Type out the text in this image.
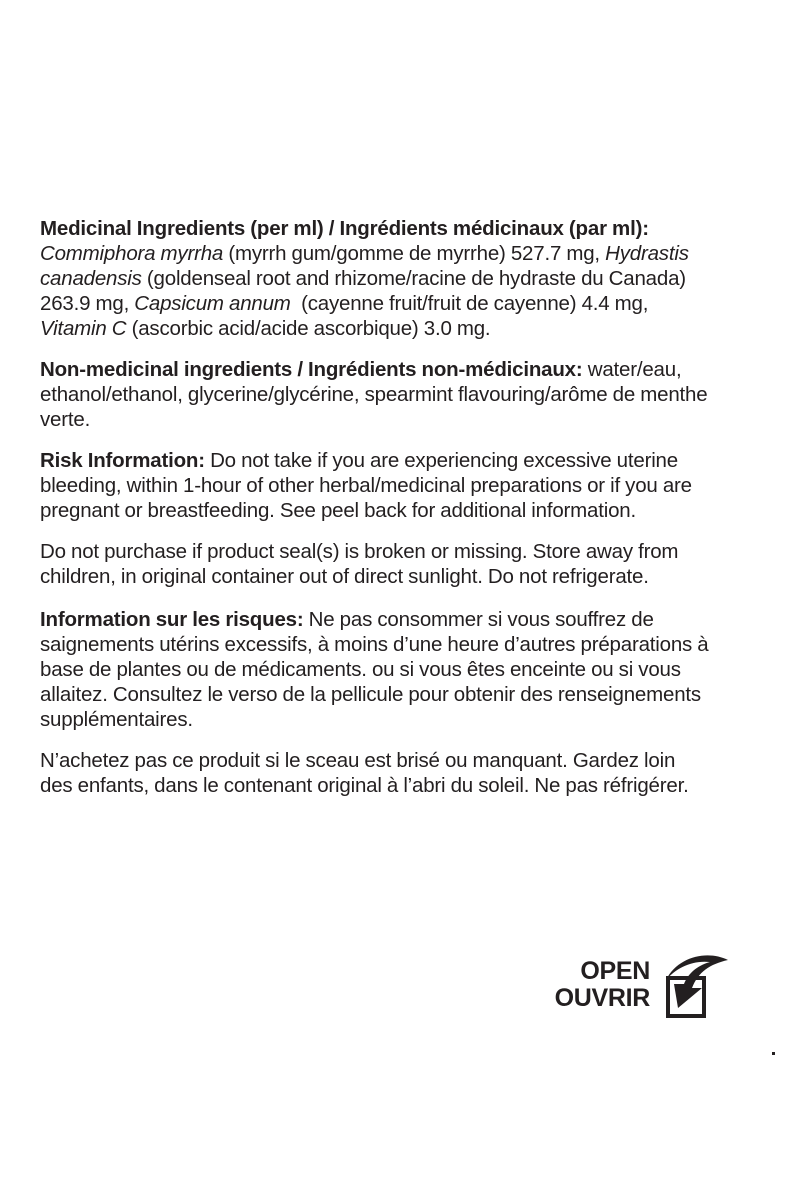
Medicinal Ingredients (per ml) / Ingrédients médicinaux (par ml): Commiphora myrrha (myrrh gum/gomme de myrrhe) 527.7 mg, Hydrastis canadensis (goldenseal root and rhizome/racine de hydraste du Canada) 263.9 mg, Capsicum annum  (cayenne fruit/fruit de cayenne) 4.4 mg, Vitamin C (ascorbic acid/acide ascorbique) 3.0 mg.

Non-medicinal ingredients / Ingrédients non-médicinaux: water/eau, ethanol/ethanol, glycerine/glycérine, spearmint flavouring/arôme de menthe verte.

Risk Information: Do not take if you are experiencing excessive uterine bleeding, within 1-hour of other herbal/medicinal preparations or if you are pregnant or breastfeeding. See peel back for additional information.

Do not purchase if product seal(s) is broken or missing. Store away from children, in original container out of direct sunlight. Do not refrigerate.

Information sur les risques: Ne pas consommer si vous souffrez de saignements utérins excessifs, à moins d’une heure d’autres préparations à base de plantes ou de médicaments. ou si vous êtes enceinte ou si vous allaitez. Consultez le verso de la pellicule pour obtenir des renseignements supplémentaires.

N’achetez pas ce produit si le sceau est brisé ou manquant. Gardez loin des enfants, dans le contenant original à l’abri du soleil. Ne pas réfrigérer.

OPEN
OUVRIR
